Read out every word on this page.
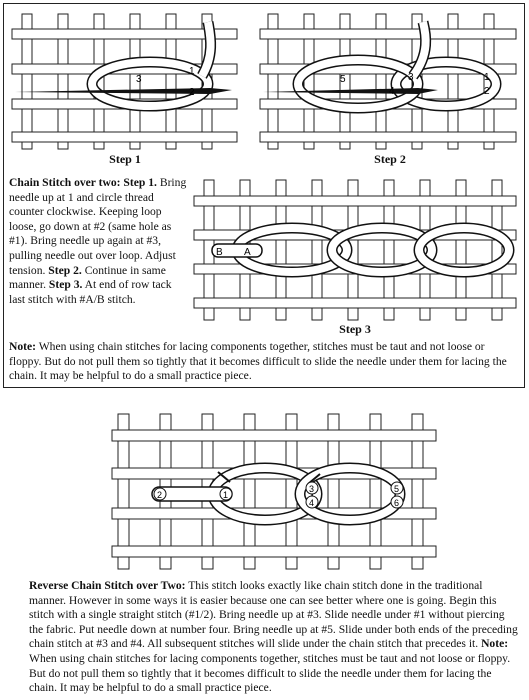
3
1
2
Step 1
5	3
4
1
2
Step 2
Chain Stitch over two: Step 1. Bring needle up at 1 and circle thread counter clockwise. Keeping loop loose, go down at #2 (same hole as #1). Bring needle up again at #3, pulling needle out over loop. Adjust tension. Step 2. Continue in same manner. Step 3. At end of row tack last stitch with #A/B stitch.
B A
Step 3
Note: When using chain stitches for lacing components together, stitches must be taut and not loose or floppy. But do not pull them so tightly that it becomes difficult to slide the needle under them for lacing the chain. It may be helpful to do a small practice piece.
2	1
3
4
5
6
Reverse Chain Stitch over Two: This stitch looks exactly like chain stitch done in the traditional manner. However in some ways it is easier because one can see better where one is going. Begin this stitch with a single straight stitch (#1/2). Bring needle up at #3. Slide needle under #1 without piercing the fabric. Put needle down at number four. Bring needle up at #5. Slide under both ends of the preceding chain stitch at #3 and #4. All subsequent stitches will slide under the chain stitch that precedes it. Note: When using chain stitches for lacing components together, stitches must be taut and not loose or floppy. But do not pull them so tightly that it becomes difficult to slide the needle under them for lacing the chain. It may be helpful to do a small practice piece.
